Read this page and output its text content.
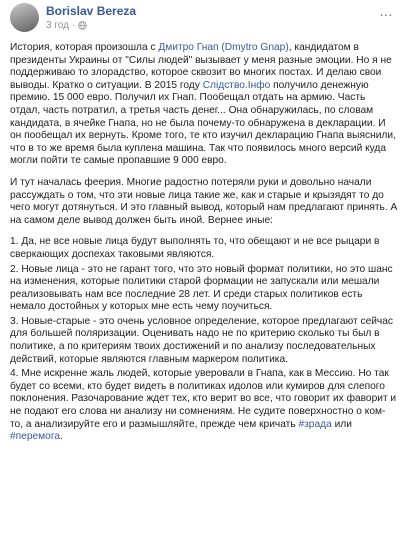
Borislav Bereza
3 год ·
…

История, которая произошла с Дмитро Гнап (Dmytro Gnap), кандидатом в президенты Украины от "Силы людей" вызывает у меня разные эмоции. Но я не поддерживаю то злорадство, которое сквозит во многих постах. И делаю свои выводы. Кратко о ситуации. В 2015 году Слідство.Інфо получило денежную премию. 15 000 евро. Получил их Гнап. Пообещал отдать на армию. Часть отдал, часть потратил, а третья часть денег... Она обнаружилась, по словам кандидата, в ячейке Гнапа, но не была почему-то обнаружена в декларации. И он пообещал их вернуть. Кроме того, те кто изучил декларацию Гнапа выяснили, что в то же время была куплена машина. Так что появилось много версий куда могли пойти те самые пропавшие 9 000 евро.

И тут началась феерия. Многие радостно потеряли руки и довольно начали рассуждать о том, что эти новые лица такие же, как и старые и крызядят то до чего могут дотянуться. И это главный вывод, который нам предлагают принять. А на самом деле вывод должен быть иной. Вернее иные:

1. Да, не все новые лица будут выполнять то, что обещают и не все рыцари в сверкающих доспехах таковыми являются.

2. Новые лица - это не гарант того, что это новый формат политики, но это шанс на изменения, которые политики старой формации не запускали или мешали реализовывать нам все последние 28 лет. И среди старых политиков есть немало достойных у которых мне есть чему поучиться.

3. Новые-старые - это очень условное определение, которое предлагают сейчас для большей поляризации. Оценивать надо не по критерию сколько ты был в политике, а по критериям твоих достижений и по анализу последовательных действий, которые являются главным маркером политика.

4. Мне искренне жаль людей, которые уверовали в Гнапа, как в Мессию. Но так будет со всеми, кто будет видеть в политиках идолов или кумиров для слепого поклонения. Разочарование ждет тех, кто верит во все, что говорит их фаворит и не подают его слова ни анализу ни сомнениям. Не судите поверхностно о ком-то, а анализируйте его и размышляйте, прежде чем кричать #зрада или #перемога.
